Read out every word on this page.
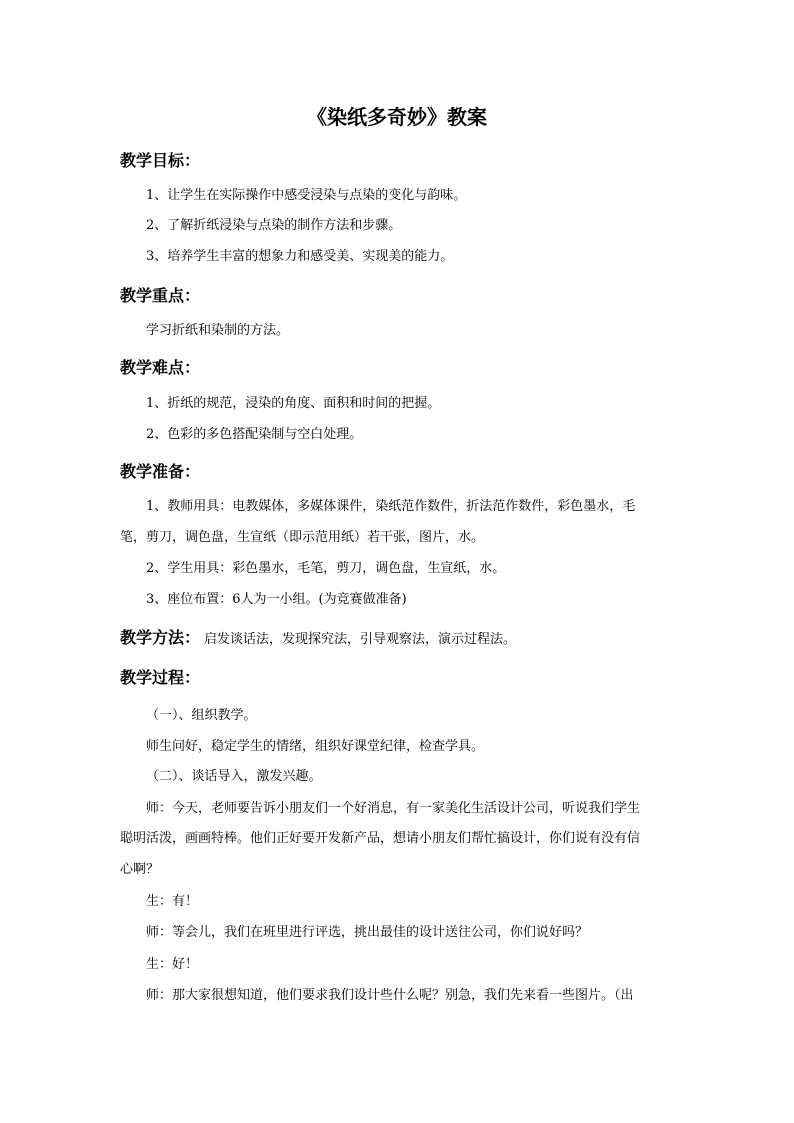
《染纸多奇妙》教案
教学目标：
1、让学生在实际操作中感受浸染与点染的变化与韵味。
2、了解折纸浸染与点染的制作方法和步骤。
3、培养学生丰富的想象力和感受美、实现美的能力。
教学重点：
学习折纸和染制的方法。
教学难点：
1、折纸的规范，浸染的角度、面积和时间的把握。
2、色彩的多色搭配染制与空白处理。
教学准备：
1、教师用具：电教媒体，多媒体课件，染纸范作数件，折法范作数件，彩色墨水，毛
笔，剪刀，调色盘，生宣纸（即示范用纸）若干张，图片，水。
2、学生用具：彩色墨水，毛笔，剪刀，调色盘，生宣纸，水。
3、座位布置：6人为一小组。(为竞赛做准备)
教学方法： 启发谈话法，发现探究法，引导观察法，演示过程法。
教学过程：
（一）、组织教学。
师生问好，稳定学生的情绪，组织好课堂纪律，检查学具。
（二）、谈话导入，激发兴趣。
师：今天，老师要告诉小朋友们一个好消息，有一家美化生活设计公司，听说我们学生
聪明活泼，画画特棒。他们正好要开发新产品，想请小朋友们帮忙搞设计，你们说有没有信
心啊？
生：有！
师：等会儿，我们在班里进行评选，挑出最佳的设计送往公司，你们说好吗？
生：好！
师：那大家很想知道，他们要求我们设计些什么呢？别急，我们先来看一些图片。（出
